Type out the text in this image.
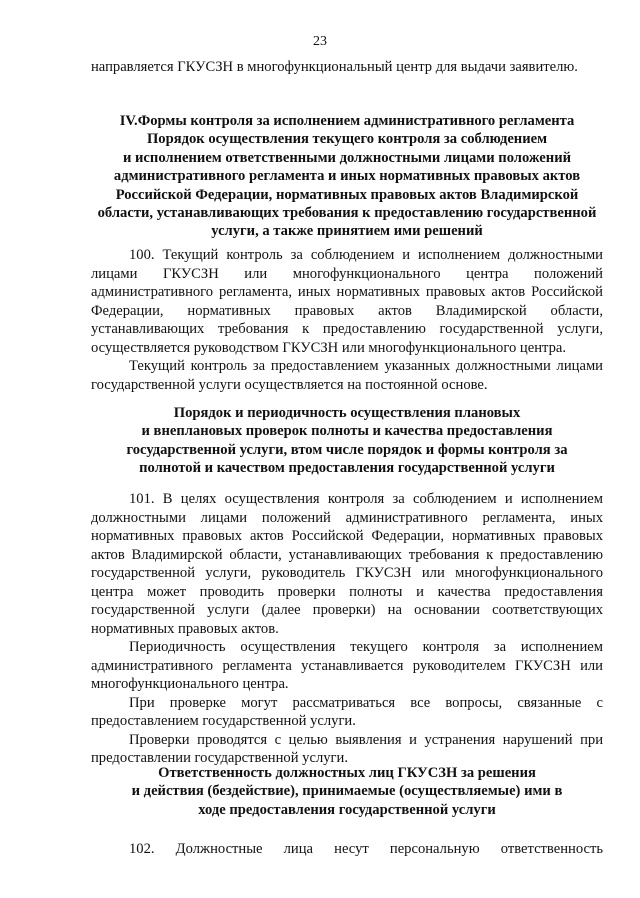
23

направляется ГКУСЗН в многофункциональный центр для выдачи заявителю.

IV.Формы контроля за исполнением административного регламента
Порядок осуществления текущего контроля за соблюдением
и исполнением ответственными должностными лицами положений
административного регламента и иных нормативных правовых актов
Российской Федерации, нормативных правовых актов Владимирской
области, устанавливающих требования к предоставлению государственной
услуги, а также принятием ими решений

100. Текущий контроль за соблюдением и исполнением должностными лицами ГКУСЗН или многофункционального центра положений административного регламента, иных нормативных правовых актов Российской Федерации, нормативных правовых актов Владимирской области, устанавливающих требования к предоставлению государственной услуги, осуществляется руководством ГКУСЗН или многофункционального центра.

Текущий контроль за предоставлением указанных должностными лицами государственной услуги осуществляется на постоянной основе.

Порядок и периодичность осуществления плановых
и внеплановых проверок полноты и качества предоставления
государственной услуги, втом числе порядок и формы контроля за
полнотой и качеством предоставления государственной услуги

101. В целях осуществления контроля за соблюдением и исполнением должностными лицами положений административного регламента, иных нормативных правовых актов Российской Федерации, нормативных правовых актов Владимирской области, устанавливающих требования к предоставлению государственной услуги, руководитель ГКУСЗН или многофункционального центра может проводить проверки полноты и качества предоставления государственной услуги (далее проверки) на основании соответствующих нормативных правовых актов.

Периодичность осуществления текущего контроля за исполнением административного регламента устанавливается руководителем ГКУСЗН или многофункционального центра.

При проверке могут рассматриваться все вопросы, связанные с предоставлением государственной услуги.

Проверки проводятся с целью выявления и устранения нарушений при предоставлении государственной услуги.

Ответственность должностных лиц ГКУСЗН за решения
и действия (бездействие), принимаемые (осуществляемые) ими в
ходе предоставления государственной услуги

102. Должностные лица несут персональную ответственность
